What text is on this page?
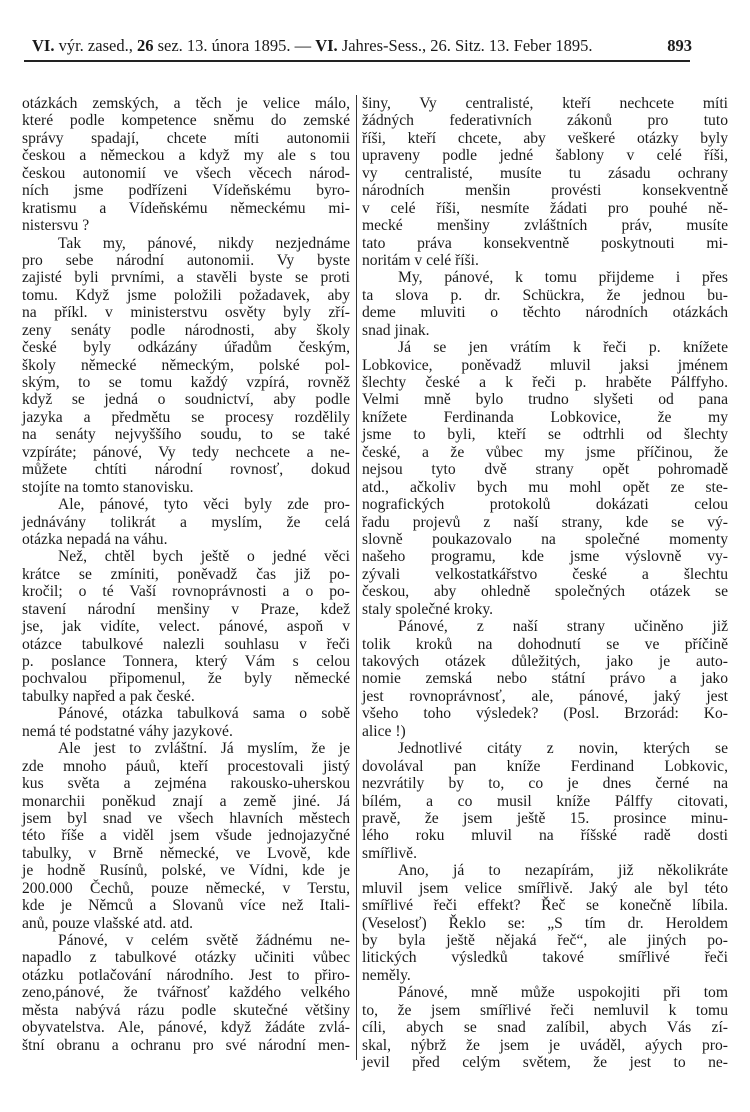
VI. výr. zased., 26 sez. 13. února 1895. — VI. Jahres-Sess., 26. Sitz. 13. Feber 1895.	893
otázkách zemských, a těch je velice málo,
které podle kompetence sněmu do zemské
správy spadají, chcete míti autonomii
českou a německou a když my ale s tou
českou autonomií ve všech věcech národ-
ních jsme podřízeni Vídeňskému byro-
kratismu a Vídeňskému německému mi-
nistersvu ?
Tak my, pánové, nikdy nezjednáme
pro sebe národní autonomii. Vy byste
zajisté byli prvními, a stavěli byste se proti
tomu. Když jsme položili požadavek, aby
na příkl. v ministerstvu osvěty byly zří-
zeny senáty podle národnosti, aby školy
české byly odkázány úřadům českým,
školy německé německým, polské pol-
ským, to se tomu každý vzpírá, rovněž
když se jedná o soudnictví, aby podle
jazyka a předmětu se procesy rozdělily
na senáty nejvyššího soudu, to se také
vzpíráte; pánové, Vy tedy nechcete a ne-
můžete chtíti národní rovnosť, dokud
stojíte na tomto stanovisku.
Ale, pánové, tyto věci byly zde pro-
jednávány tolikrát a myslím, že celá
otázka nepadá na váhu.
Než, chtěl bych ještě o jedné věci
krátce se zmíniti, poněvadž čas již po-
kročil; o té Vaší rovnoprávnosti a o po-
stavení národní menšiny v Praze, kdež
jse, jak vidíte, velect. pánové, aspoň v
otázce tabulkové nalezli souhlasu v řeči
p. poslance Tonnera, který Vám s celou
pochvalou připomenul, že byly německé
tabulky napřed a pak české.
Pánové, otázka tabulková sama o sobě
nemá té podstatné váhy jazykové.
Ale jest to zvláštní. Já myslím, že je
zde mnoho páuů, kteří procestovali jistý
kus světa a zejména rakousko-uherskou
monarchii poněkud znají a země jiné. Já
jsem byl snad ve všech hlavních městech
této říše a viděl jsem všude jednojazyčné
tabulky, v Brně německé, ve Lvově, kde
je hodně Rusínů, polské, ve Vídni, kde je
200.000 Čechů, pouze německé, v Terstu,
kde je Němců a Slovanů více než Itali-
anů, pouze vlašské atd. atd.
Pánové, v celém světě žádnému ne-
napadlo z tabulkové otázky učiniti vůbec
otázku potlačování národního. Jest to přiro-
zeno,pánové, že tvářnosť každého velkého
města nabývá rázu podle skutečné většiny
obyvatelstva. Ale, pánové, když žádáte zvlá-
štní obranu a ochranu pro své národní men-
šiny, Vy centralisté, kteří nechcete míti
žádných federativních zákonů pro tuto
říši, kteří chcete, aby veškeré otázky byly
upraveny podle jedné šablony v celé říši,
vy centralisté, musíte tu zásadu ochrany
národních menšin provésti konsekventně
v celé říši, nesmíte žádati pro pouhé ně-
mecké menšiny zvláštních práv, musíte
tato práva konsekventně poskytnouti mi-
noritám v celé říši.
My, pánové, k tomu přijdeme i přes
ta slova p. dr. Schückra, že jednou bu-
deme mluviti o těchto národních otázkách
snad jinak.
Já se jen vrátím k řeči p. knížete
Lobkovice, poněvadž mluvil jaksi jménem
šlechty české a k řeči p. hraběte Pálffyho.
Velmi mně bylo trudno slyšeti od pana
knížete Ferdinanda Lobkovice, že my
jsme to byli, kteří se odtrhli od šlechty
české, a že vůbec my jsme příčinou, že
nejsou tyto dvě strany opět pohromadě
atd., ačkoliv bych mu mohl opět ze ste-
nografických protokolů dokázati celou
řadu projevů z naší strany, kde se vý-
slovně poukazovalo na společné momenty
našeho programu, kde jsme výslovně vy-
zývali velkostatkářstvo české a šlechtu
českou, aby ohledně společných otázek se
staly společné kroky.
Pánové, z naší strany učiněno již
tolik kroků na dohodnutí se ve příčině
takových otázek důležitých, jako je auto-
nomie zemská nebo státní právo a jako
jest rovnoprávnosť, ale, pánové, jaký jest
všeho toho výsledek? (Posl. Brzorád: Ko-
alice !)
Jednotlivé citáty z novin, kterých se
dovolával pan kníže Ferdinand Lobkovic,
nezvrátily by to, co je dnes černé na
bílém, a co musil kníže Pálffy citovati,
pravě, že jsem ještě 15. prosince minu-
lého roku mluvil na říšské radě dosti
smířlivě.
Ano, já to nezapírám, již několikráte
mluvil jsem velice smířlivě. Jaký ale byl této
smířlivé řeči effekt? Řeč se konečně líbila.
(Veselosť) Řeklo se: „S tím dr. Heroldem
by byla ještě nějaká řeč“, ale jiných po-
litických výsledků takové smířlivé řeči
neměly.
Pánové, mně může uspokojiti při tom
to, že jsem smířlivé řeči nemluvil k tomu
cíli, abych se snad zalíbil, abych Vás zí-
skal, nýbrž že jsem je uváděl, aýych pro-
jevil před celým světem, že jest to ne-
